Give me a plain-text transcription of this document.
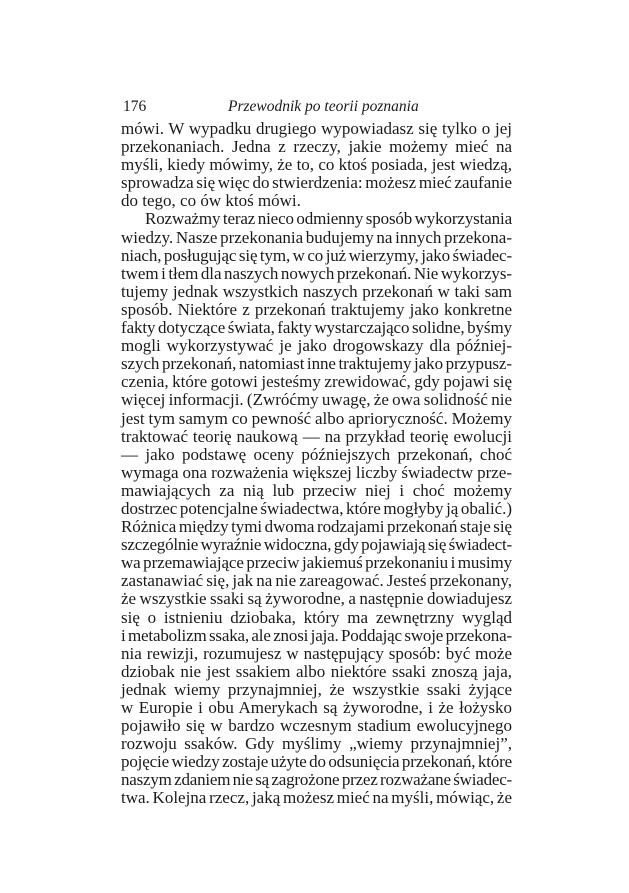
176	Przewodnik po teorii poznania
mówi. W wypadku drugiego wypowiadasz się tylko o jej
przekonaniach. Jedna z rzeczy, jakie możemy mieć na
myśli, kiedy mówimy, że to, co ktoś posiada, jest wiedzą,
sprowadza się więc do stwierdzenia: możesz mieć zaufanie
do tego, co ów ktoś mówi.
Rozważmy teraz nieco odmienny sposób wykorzystania
wiedzy. Nasze przekonania budujemy na innych przekona-
niach, posługując się tym, w co już wierzymy, jako świadec-
twem i tłem dla naszych nowych przekonań. Nie wykorzys-
tujemy jednak wszystkich naszych przekonań w taki sam
sposób. Niektóre z przekonań traktujemy jako konkretne
fakty dotyczące świata, fakty wystarczająco solidne, byśmy
mogli wykorzystywać je jako drogowskazy dla później-
szych przekonań, natomiast inne traktujemy jako przypusz-
czenia, które gotowi jesteśmy zrewidować, gdy pojawi się
więcej informacji. (Zwróćmy uwagę, że owa solidność nie
jest tym samym co pewność albo aprioryczność. Możemy
traktować teorię naukową — na przykład teorię ewolucji
— jako podstawę oceny późniejszych przekonań, choć
wymaga ona rozważenia większej liczby świadectw prze-
mawiających za nią lub przeciw niej i choć możemy
dostrzec potencjalne świadectwa, które mogłyby ją obalić.)
Różnica między tymi dwoma rodzajami przekonań staje się
szczególnie wyraźnie widoczna, gdy pojawiają się świadect-
wa przemawiające przeciw jakiemuś przekonaniu i musimy
zastanawiać się, jak na nie zareagować. Jesteś przekonany,
że wszystkie ssaki są żyworodne, a następnie dowiadujesz
się o istnieniu dziobaka, który ma zewnętrzny wygląd
i metabolizm ssaka, ale znosi jaja. Poddając swoje przekona-
nia rewizji, rozumujesz w następujący sposób: być może
dziobak nie jest ssakiem albo niektóre ssaki znoszą jaja,
jednak wiemy przynajmniej, że wszystkie ssaki żyjące
w Europie i obu Amerykach są żyworodne, i że łożysko
pojawiło się w bardzo wczesnym stadium ewolucyjnego
rozwoju ssaków. Gdy myślimy „wiemy przynajmniej”,
pojęcie wiedzy zostaje użyte do odsunięcia przekonań, które
naszym zdaniem nie są zagrożone przez rozważane świadec-
twa. Kolejna rzecz, jaką możesz mieć na myśli, mówiąc, że
